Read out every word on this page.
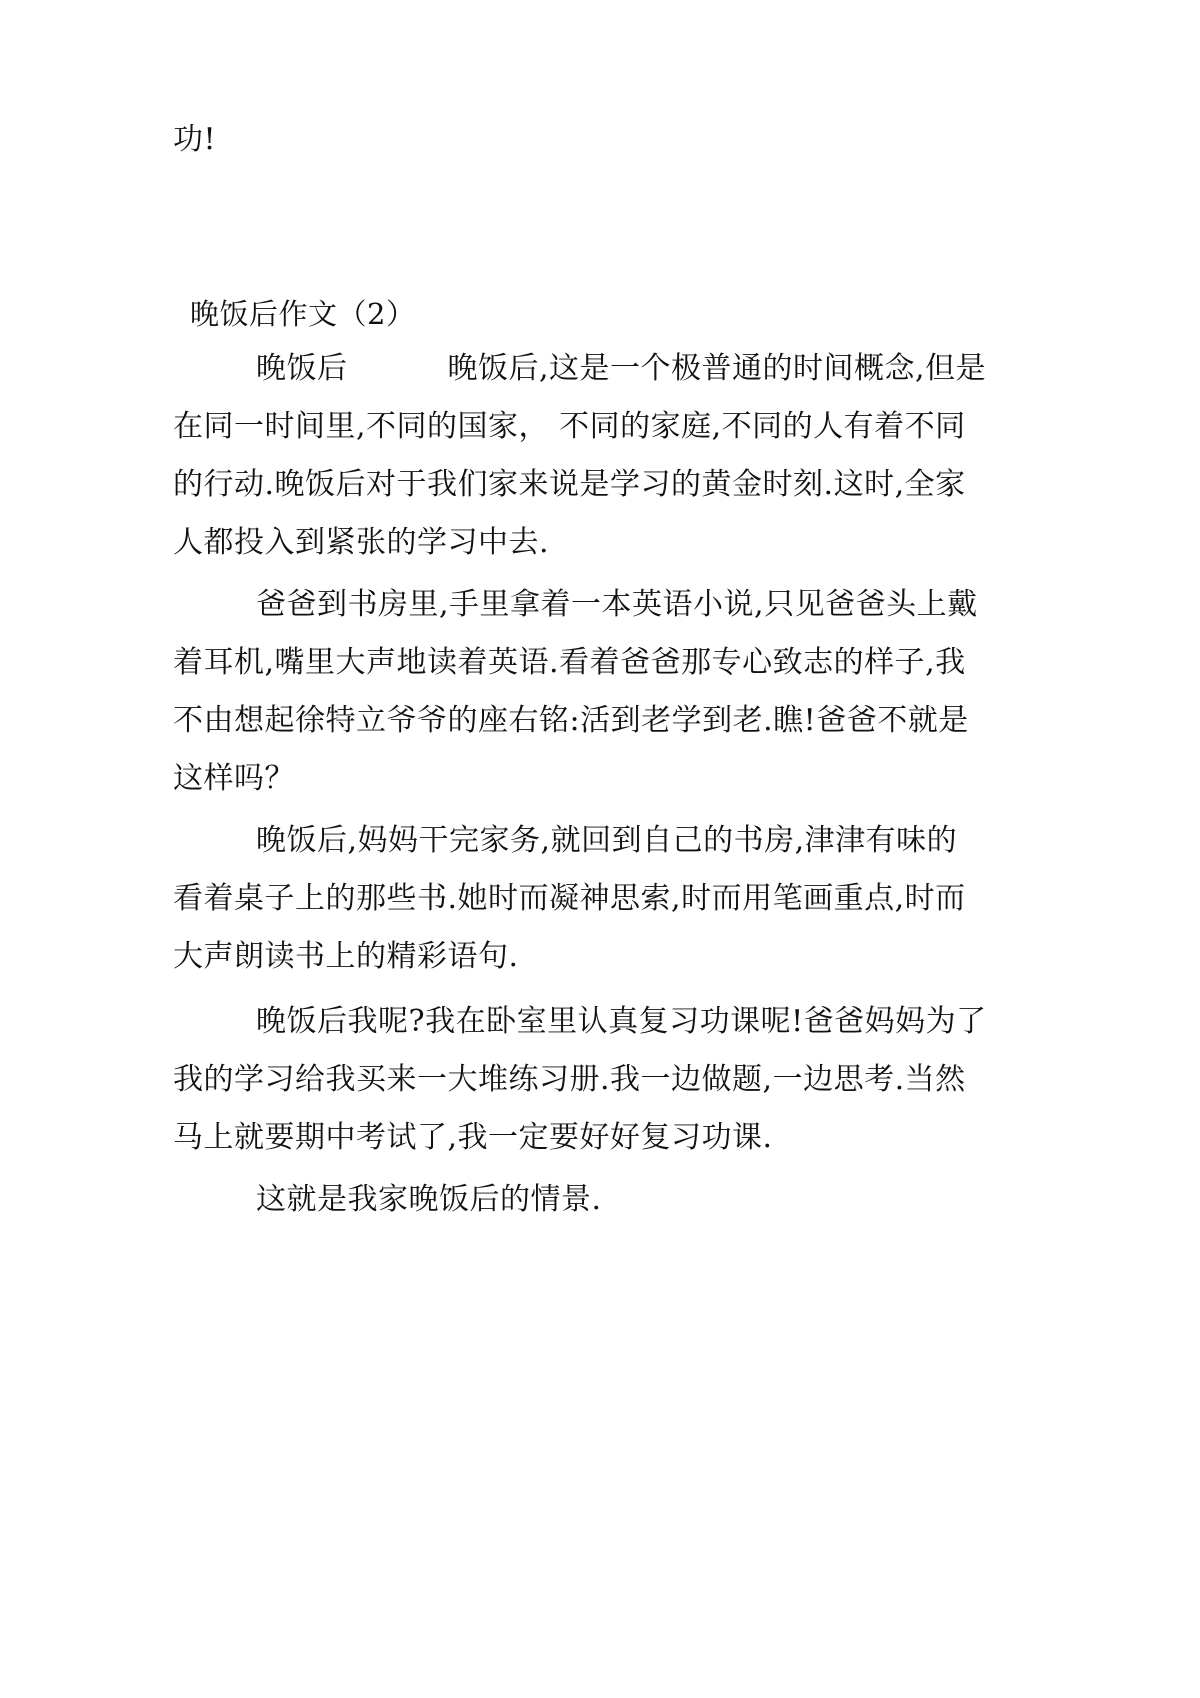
功!

晚饭后作文（2）

晚饭后	晚饭后,这是一个极普通的时间概念,但是

在同一时间里,不同的国家， 不同的家庭,不同的人有着不同

的行动.晚饭后对于我们家来说是学习的黄金时刻.这时,全家

人都投入到紧张的学习中去.

爸爸到书房里,手里拿着一本英语小说,只见爸爸头上戴

着耳机,嘴里大声地读着英语.看着爸爸那专心致志的样子,我

不由想起徐特立爷爷的座右铭:活到老学到老.瞧!爸爸不就是

这样吗？

晚饭后,妈妈干完家务,就回到自己的书房,津津有味的

看着桌子上的那些书.她时而凝神思索,时而用笔画重点,时而

大声朗读书上的精彩语句.

晚饭后我呢?我在卧室里认真复习功课呢!爸爸妈妈为了

我的学习给我买来一大堆练习册.我一边做题,一边思考.当然

马上就要期中考试了,我一定要好好复习功课.

这就是我家晚饭后的情景.
